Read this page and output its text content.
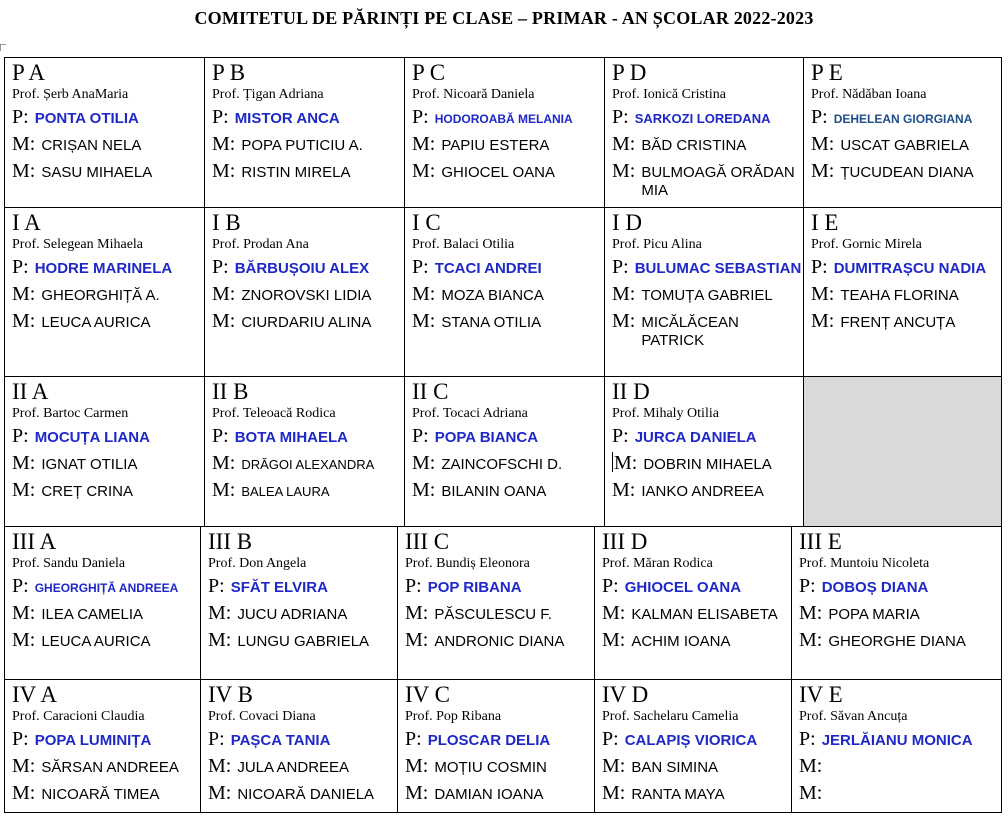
COMITETUL DE PĂRINȚI PE CLASE – PRIMAR - AN ȘCOLAR 2022-2023
P A
Prof. Șerb AnaMaria
P: PONTA OTILIA
M: CRIȘAN NELA
M: SASU MIHAELA
P B
Prof. Țigan Adriana
P: MISTOR ANCA
M: POPA PUTICIU A.
M: RISTIN MIRELA
P C
Prof. Nicoară Daniela
P: HODOROABĂ MELANIA
M: PAPIU ESTERA
M: GHIOCEL OANA
P D
Prof. Ionică Cristina
P: SARKOZI LOREDANA
M: BĂD CRISTINA
M: BULMOAGĂ ORĂDAN MIA
P E
Prof. Nădăban Ioana
P: DEHELEAN GIORGIANA
M: USCAT GABRIELA
M: ȚUCUDEAN DIANA
I A
Prof. Selegean Mihaela
P: HODRE MARINELA
M: GHEORGHIȚĂ A.
M: LEUCA AURICA
I B
Prof. Prodan Ana
P: BĂRBUȘOIU ALEX
M: ZNOROVSKI LIDIA
M: CIURDARIU ALINA
I C
Prof. Balaci Otilia
P: TCACI ANDREI
M: MOZA BIANCA
M: STANA OTILIA
I D
Prof. Picu Alina
P: BULUMAC SEBASTIAN
M: TOMUȚA GABRIEL
M: MICĂLĂCEAN PATRICK
I E
Prof. Gornic Mirela
P: DUMITRAȘCU NADIA
M: TEAHA FLORINA
M: FRENȚ ANCUȚA
II A
Prof. Bartoc Carmen
P: MOCUȚA LIANA
M: IGNAT OTILIA
M: CREȚ CRINA
II B
Prof. Teleoacă Rodica
P: BOTA MIHAELA
M: DRĂGOI ALEXANDRA
M: BALEA LAURA
II C
Prof. Tocaci Adriana
P: POPA BIANCA
M: ZAINCOFSCHI D.
M: BILANIN OANA
II D
Prof. Mihaly Otilia
P: JURCA DANIELA
M: DOBRIN MIHAELA
M: IANKO ANDREEA
III A
Prof. Sandu Daniela
P: GHEORGHIȚĂ ANDREEA
M: ILEA CAMELIA
M: LEUCA AURICA
III B
Prof. Don Angela
P: SFĂT ELVIRA
M: JUCU ADRIANA
M: LUNGU GABRIELA
III C
Prof. Bundiș Eleonora
P: POP RIBANA
M: PĂSCULESCU F.
M: ANDRONIC DIANA
III D
Prof. Măran Rodica
P: GHIOCEL OANA
M: KALMAN ELISABETA
M: ACHIM IOANA
III E
Prof. Muntoiu Nicoleta
P: DOBOȘ DIANA
M: POPA MARIA
M: GHEORGHE DIANA
IV A
Prof. Caracioni Claudia
P: POPA LUMINIȚA
M: SĂRSAN ANDREEA
M: NICOARĂ TIMEA
IV B
Prof. Covaci Diana
P: PAȘCA TANIA
M: JULA ANDREEA
M: NICOARĂ DANIELA
IV C
Prof. Pop Ribana
P: PLOSCAR DELIA
M: MOȚIU COSMIN
M: DAMIAN IOANA
IV D
Prof. Sachelaru Camelia
P: CALAPIȘ VIORICA
M: BAN SIMINA
M: RANTA MAYA
IV E
Prof. Săvan Ancuța
P: JERLĂIANU MONICA
M:
M:
